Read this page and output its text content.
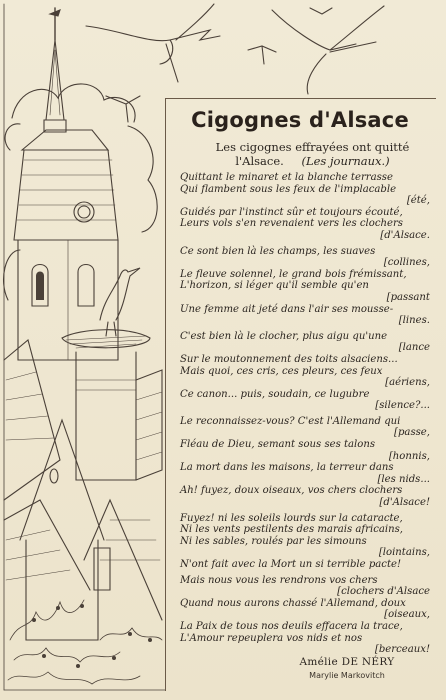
Cigognes d'Alsace
Les cigognes effrayées ont quitté
l'Alsace. (Les journaux.)
Quittant le minaret et la blanche terrasse
Qui flambent sous les feux de l'implacable
[été,
Guidés par l'instinct sûr et toujours écouté,
Leurs vols s'en revenaient vers les clochers
[d'Alsace.
Ce sont bien là les champs, les suaves
[collines,
Le fleuve solennel, le grand bois frémissant,
L'horizon, si léger qu'il semble qu'en
[passant
Une femme ait jeté dans l'air ses mousse-
[lines.
C'est bien là le clocher, plus aigu qu'une
[lance
Sur le moutonnement des toits alsaciens...
Mais quoi, ces cris, ces pleurs, ces feux
[aériens,
Ce canon... puis, soudain, ce lugubre
[silence?...
Le reconnaissez-vous? C'est l'Allemand qui
[passe,
Fléau de Dieu, semant sous ses talons
[honnis,
La mort dans les maisons, la terreur dans
[les nids...
Ah! fuyez, doux oiseaux, vos chers clochers
[d'Alsace!
Fuyez! ni les soleils lourds sur la cataracte,
Ni les vents pestilents des marais africains,
Ni les sables, roulés par les simouns
[lointains,
N'ont fait avec la Mort un si terrible pacte!
Mais nous vous les rendrons vos chers
[clochers d'Alsace
Quand nous aurons chassé l'Allemand, doux
[oiseaux,
La Paix de tous nos deuils effacera la trace,
L'Amour repeuplera vos nids et nos
[berceaux!
Amélie DE NÉRY
Marylie Markovitch
